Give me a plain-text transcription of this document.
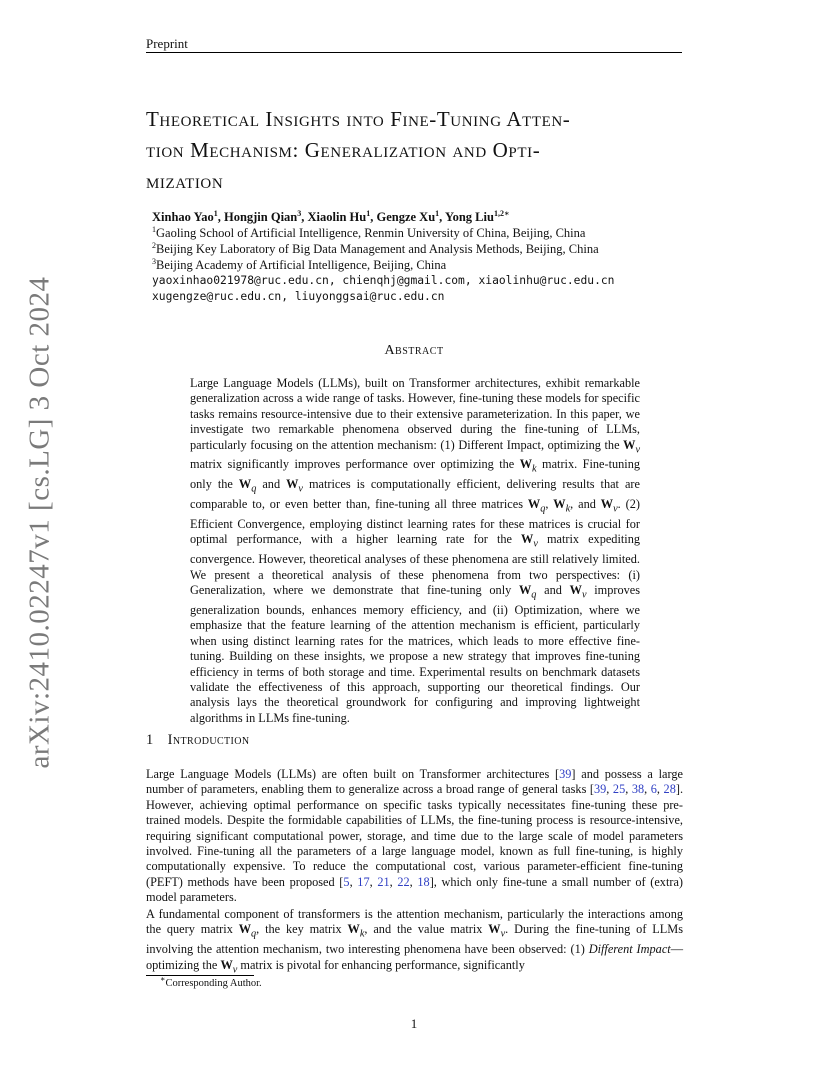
Preprint
arXiv:2410.02247v1 [cs.LG] 3 Oct 2024
Theoretical Insights into Fine-Tuning Atten-
tion Mechanism: Generalization and Opti-
mization
Xinhao Yao$^1$, Hongjin Qian$^3$, Xiaolin Hu$^1$, Gengze Xu$^1$, Yong Liu$^{1,2∗}$
$^1$Gaoling School of Artificial Intelligence, Renmin University of China, Beijing, China
$^2$Beijing Key Laboratory of Big Data Management and Analysis Methods, Beijing, China
$^3$Beijing Academy of Artificial Intelligence, Beijing, China
yaoxinhao021978@ruc.edu.cn, chienqhj@gmail.com, xiaolinhu@ruc.edu.cn
xugengze@ruc.edu.cn, liuyonggsai@ruc.edu.cn
Abstract
Large Language Models (LLMs), built on Transformer architectures, exhibit remarkable generalization across a wide range of tasks. However, fine-tuning these models for specific tasks remains resource-intensive due to their extensive parameterization. In this paper, we investigate two remarkable phenomena observed during the fine-tuning of LLMs, particularly focusing on the attention mechanism: (1) Different Impact, optimizing the $W_v$ matrix significantly improves performance over optimizing the $W_k$ matrix. Fine-tuning only the $W_q$ and $W_v$ matrices is computationally efficient, delivering results that are comparable to, or even better than, fine-tuning all three matrices $W_q$, $W_k$, and $W_v$. (2) Efficient Convergence, employing distinct learning rates for these matrices is crucial for optimal performance, with a higher learning rate for the $W_v$ matrix expediting convergence. However, theoretical analyses of these phenomena are still relatively limited. We present a theoretical analysis of these phenomena from two perspectives: (i) Generalization, where we demonstrate that fine-tuning only $W_q$ and $W_v$ improves generalization bounds, enhances memory efficiency, and (ii) Optimization, where we emphasize that the feature learning of the attention mechanism is efficient, particularly when using distinct learning rates for the matrices, which leads to more effective fine-tuning. Building on these insights, we propose a new strategy that improves fine-tuning efficiency in terms of both storage and time. Experimental results on benchmark datasets validate the effectiveness of this approach, supporting our theoretical findings. Our analysis lays the theoretical groundwork for configuring and improving lightweight algorithms in LLMs fine-tuning.
1 Introduction
Large Language Models (LLMs) are often built on Transformer architectures [39] and possess a large number of parameters, enabling them to generalize across a broad range of general tasks [39, 25, 38, 6, 28]. However, achieving optimal performance on specific tasks typically necessitates fine-tuning these pre-trained models. Despite the formidable capabilities of LLMs, the fine-tuning process is resource-intensive, requiring significant computational power, storage, and time due to the large scale of model parameters involved. Fine-tuning all the parameters of a large language model, known as full fine-tuning, is highly computationally expensive. To reduce the computational cost, various parameter-efficient fine-tuning (PEFT) methods have been proposed [5, 17, 21, 22, 18], which only fine-tune a small number of (extra) model parameters.
A fundamental component of transformers is the attention mechanism, particularly the interactions among the query matrix $W_q$, the key matrix $W_k$, and the value matrix $W_v$. During the fine-tuning of LLMs involving the attention mechanism, two interesting phenomena have been observed: (1) Different Impact—optimizing the $W_v$ matrix is pivotal for enhancing performance, significantly
∗Corresponding Author.
1
